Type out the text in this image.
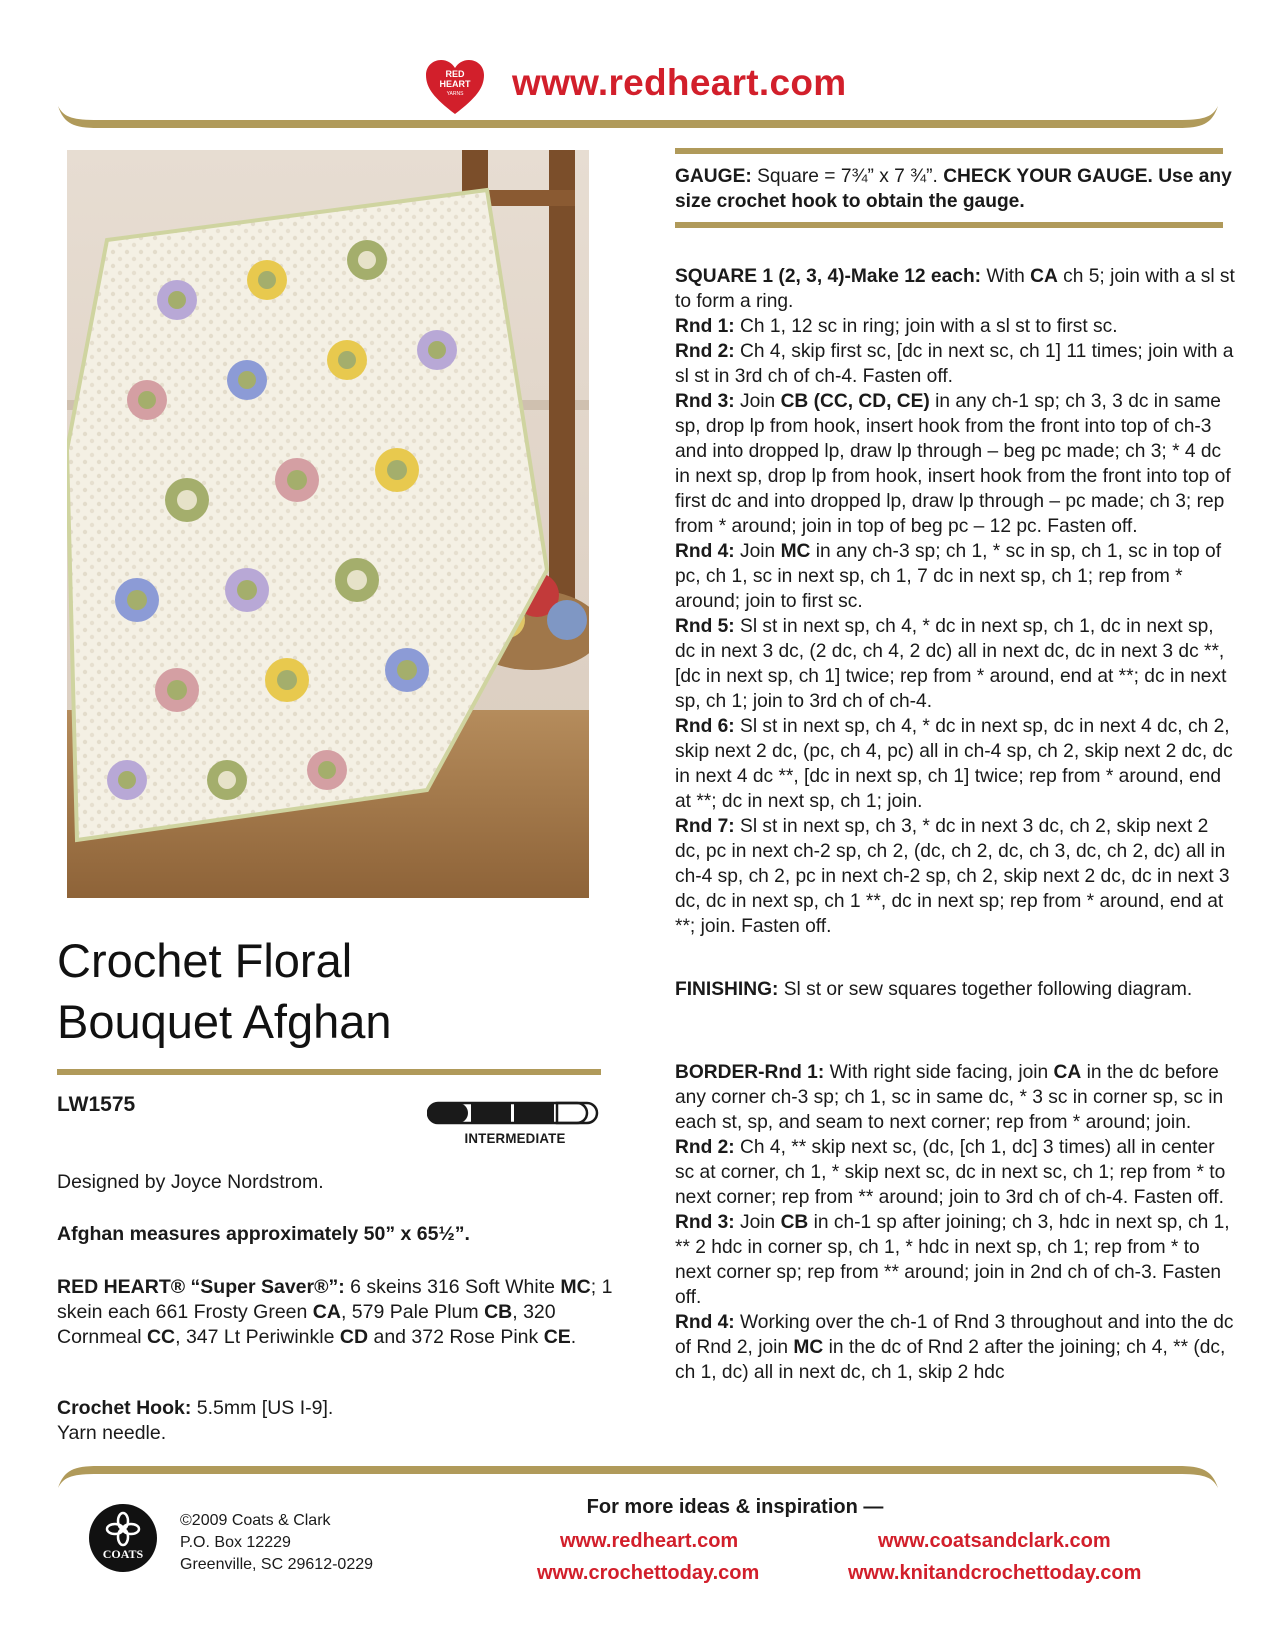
RED
HEART
YARNS www.redheart.com
Crochet Floral
Bouquet Afghan
LW1575
INTERMEDIATE
Designed by Joyce Nordstrom.
Afghan measures approximately 50” x 65½”.
RED HEART® “Super Saver®”: 6 skeins 316 Soft White MC; 1 skein each 661 Frosty Green CA, 579 Pale Plum CB, 320 Cornmeal CC, 347 Lt Periwinkle CD and 372 Rose Pink CE.
Crochet Hook: 5.5mm [US I-9].
Yarn needle.
GAUGE: Square = 7¾” x 7 ¾”. CHECK YOUR GAUGE. Use any size crochet hook to obtain the gauge.

SQUARE 1 (2, 3, 4)-Make 12 each: With CA ch 5; join with a sl st to form a ring.

Rnd 1: Ch 1, 12 sc in ring; join with a sl st to first sc.

Rnd 2: Ch 4, skip first sc, [dc in next sc, ch 1] 11 times; join with a sl st in 3rd ch of ch-4. Fasten off.

Rnd 3: Join CB (CC, CD, CE) in any ch-1 sp; ch 3, 3 dc in same sp, drop lp from hook, insert hook from the front into top of ch-3 and into dropped lp, draw lp through – beg pc made; ch 3; * 4 dc in next sp, drop lp from hook, insert hook from the front into top of first dc and into dropped lp, draw lp through – pc made; ch 3; rep from * around; join in top of beg pc – 12 pc. Fasten off.

Rnd 4: Join MC in any ch-3 sp; ch 1, * sc in sp, ch 1, sc in top of pc, ch 1, sc in next sp, ch 1, 7 dc in next sp, ch 1; rep from * around; join to first sc.

Rnd 5: Sl st in next sp, ch 4, * dc in next sp, ch 1, dc in next sp, dc in next 3 dc, (2 dc, ch 4, 2 dc) all in next dc, dc in next 3 dc **, [dc in next sp, ch 1] twice; rep from * around, end at **; dc in next sp, ch 1; join to 3rd ch of ch-4.

Rnd 6: Sl st in next sp, ch 4, * dc in next sp, dc in next 4 dc, ch 2, skip next 2 dc, (pc, ch 4, pc) all in ch-4 sp, ch 2, skip next 2 dc, dc in next 4 dc **, [dc in next sp, ch 1] twice; rep from * around, end at **; dc in next sp, ch 1; join.

Rnd 7: Sl st in next sp, ch 3, * dc in next 3 dc, ch 2, skip next 2 dc, pc in next ch-2 sp, ch 2, (dc, ch 2, dc, ch 3, dc, ch 2, dc) all in ch-4 sp, ch 2, pc in next ch-2 sp, ch 2, skip next 2 dc, dc in next 3 dc, dc in next sp, ch 1 **, dc in next sp; rep from * around, end at **; join. Fasten off.

FINISHING: Sl st or sew squares together following diagram.

BORDER-Rnd 1: With right side facing, join CA in the dc before any corner ch-3 sp; ch 1, sc in same dc, * 3 sc in corner sp, sc in each st, sp, and seam to next corner; rep from * around; join.

Rnd 2: Ch 4, ** skip next sc, (dc, [ch 1, dc] 3 times) all in center sc at corner, ch 1, * skip next sc, dc in next sc, ch 1; rep from * to next corner; rep from ** around; join to 3rd ch of ch-4. Fasten off.

Rnd 3: Join CB in ch-1 sp after joining; ch 3, hdc in next sp, ch 1, ** 2 hdc in corner sp, ch 1, * hdc in next sp, ch 1; rep from * to next corner sp; rep from ** around; join in 2nd ch of ch-3. Fasten off.

Rnd 4: Working over the ch-1 of Rnd 3 throughout and into the dc of Rnd 2, join MC in the dc of Rnd 2 after the joining; ch 4, ** (dc, ch 1, dc) all in next dc, ch 1, skip 2 hdc

COATS
©2009 Coats & Clark
P.O. Box 12229
Greenville, SC 29612-0229
For more ideas & inspiration —
www.redheart.com	www.coatsandclark.com
www.crochettoday.com	www.knitandcrochettoday.com
